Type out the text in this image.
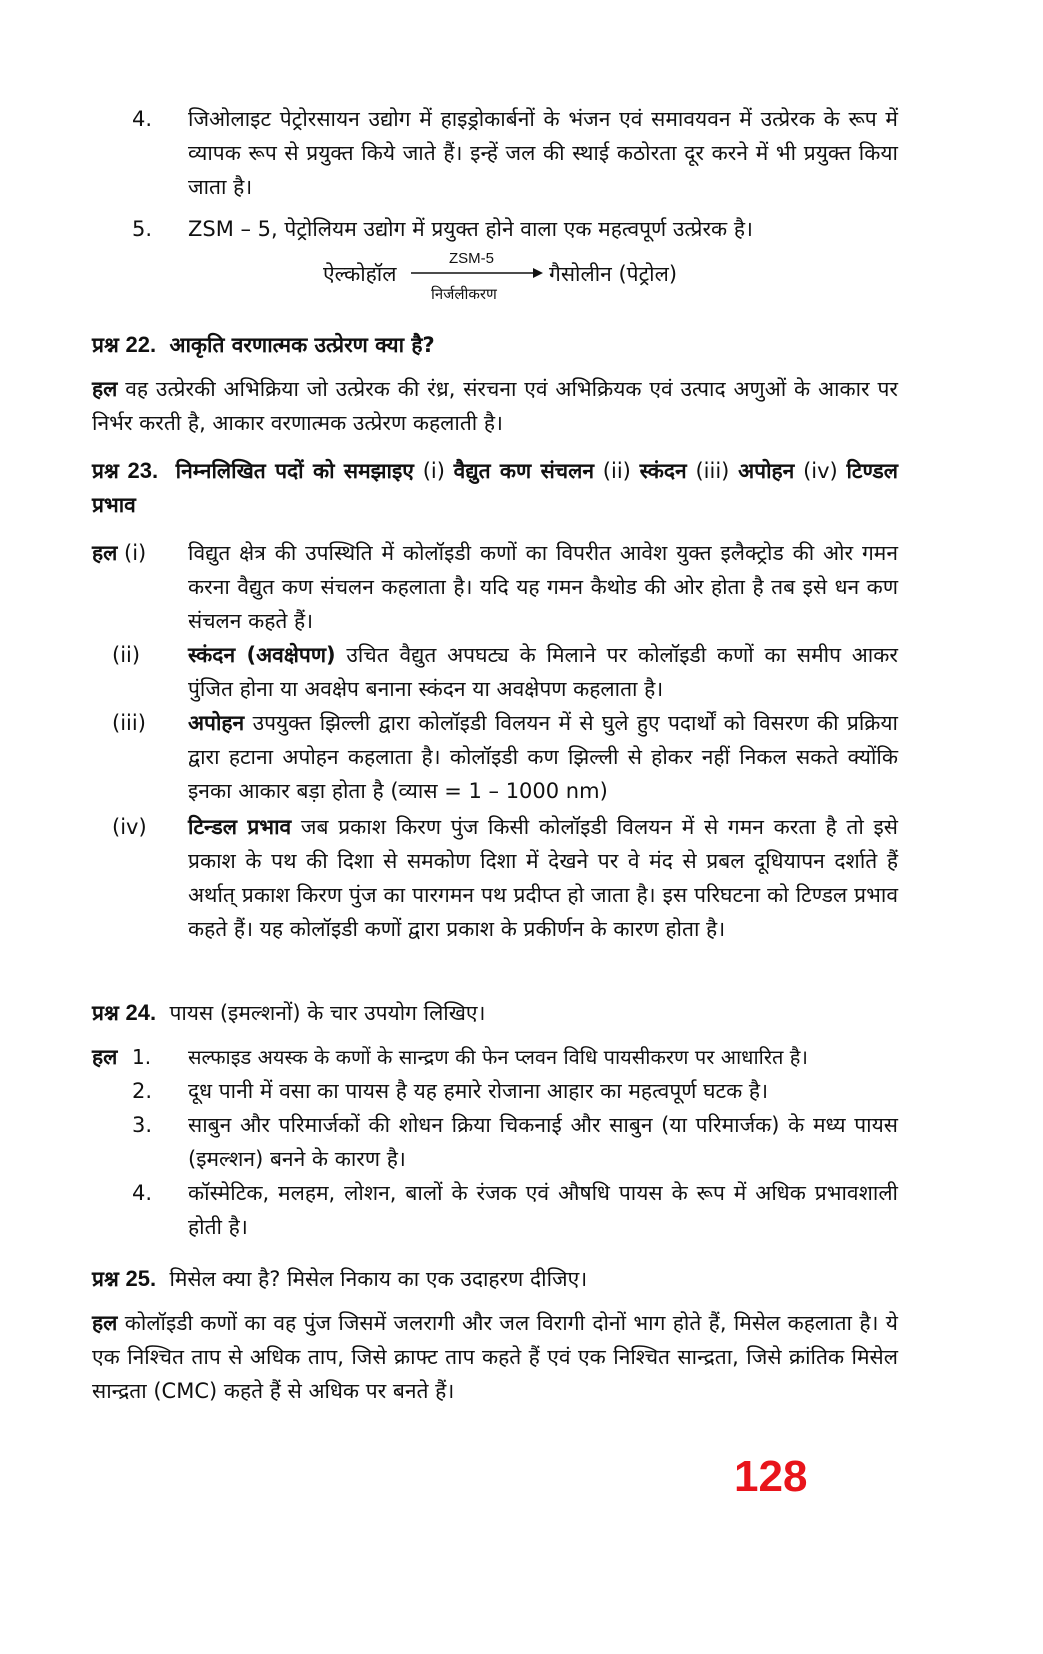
4. जिओलाइट पेट्रोरसायन उद्योग में हाइड्रोकार्बनों के भंजन एवं समावयवन में उत्प्रेरक के रूप में व्यापक रूप से प्रयुक्त किये जाते हैं। इन्हें जल की स्थाई कठोरता दूर करने में भी प्रयुक्त किया जाता है।
5. ZSM – 5, पेट्रोलियम उद्योग में प्रयुक्त होने वाला एक महत्वपूर्ण उत्प्रेरक है।
ऐल्कोहॉल
ZSM-5
निर्जलीकरण
गैसोलीन (पेट्रोल)
प्रश्न 22. आकृति वरणात्मक उत्प्रेरण क्या है?
हल वह उत्प्रेरकी अभिक्रिया जो उत्प्रेरक की रंध्र, संरचना एवं अभिक्रियक एवं उत्पाद अणुओं के आकार पर निर्भर करती है, आकार वरणात्मक उत्प्रेरण कहलाती है।
प्रश्न 23. निम्नलिखित पदों को समझाइए (i) वैद्युत कण संचलन (ii) स्कंदन (iii) अपोहन (iv) टिण्डल प्रभाव
हल (i) विद्युत क्षेत्र की उपस्थिति में कोलॉइडी कणों का विपरीत आवेश युक्त इलैक्ट्रोड की ओर गमन करना वैद्युत कण संचलन कहलाता है। यदि यह गमन कैथोड की ओर होता है तब इसे धन कण संचलन कहते हैं।
(ii) स्कंदन (अवक्षेपण) उचित वैद्युत अपघट्य के मिलाने पर कोलॉइडी कणों का समीप आकर पुंजित होना या अवक्षेप बनाना स्कंदन या अवक्षेपण कहलाता है।
(iii) अपोहन उपयुक्त झिल्ली द्वारा कोलॉइडी विलयन में से घुले हुए पदार्थों को विसरण की प्रक्रिया द्वारा हटाना अपोहन कहलाता है। कोलॉइडी कण झिल्ली से होकर नहीं निकल सकते क्योंकि इनका आकार बड़ा होता है (व्यास = 1 – 1000 nm)
(iv) टिन्डल प्रभाव जब प्रकाश किरण पुंज किसी कोलॉइडी विलयन में से गमन करता है तो इसे प्रकाश के पथ की दिशा से समकोण दिशा में देखने पर वे मंद से प्रबल दूधियापन दर्शाते हैं अर्थात् प्रकाश किरण पुंज का पारगमन पथ प्रदीप्त हो जाता है। इस परिघटना को टिण्डल प्रभाव कहते हैं। यह कोलॉइडी कणों द्वारा प्रकाश के प्रकीर्णन के कारण होता है।
प्रश्न 24. पायस (इमल्शनों) के चार उपयोग लिखिए।
हल 1. सल्फाइड अयस्क के कणों के सान्द्रण की फेन प्लवन विधि पायसीकरण पर आधारित है।
2. दूध पानी में वसा का पायस है यह हमारे रोजाना आहार का महत्वपूर्ण घटक है।
3. साबुन और परिमार्जकों की शोधन क्रिया चिकनाई और साबुन (या परिमार्जक) के मध्य पायस (इमल्शन) बनने के कारण है।
4. कॉस्मेटिक, मलहम, लोशन, बालों के रंजक एवं औषधि पायस के रूप में अधिक प्रभावशाली होती है।
प्रश्न 25. मिसेल क्या है? मिसेल निकाय का एक उदाहरण दीजिए।
हल कोलॉइडी कणों का वह पुंज जिसमें जलरागी और जल विरागी दोनों भाग होते हैं, मिसेल कहलाता है। ये एक निश्चित ताप से अधिक ताप, जिसे क्राफ्ट ताप कहते हैं एवं एक निश्चित सान्द्रता, जिसे क्रांतिक मिसेल सान्द्रता (CMC) कहते हैं से अधिक पर बनते हैं।
128
